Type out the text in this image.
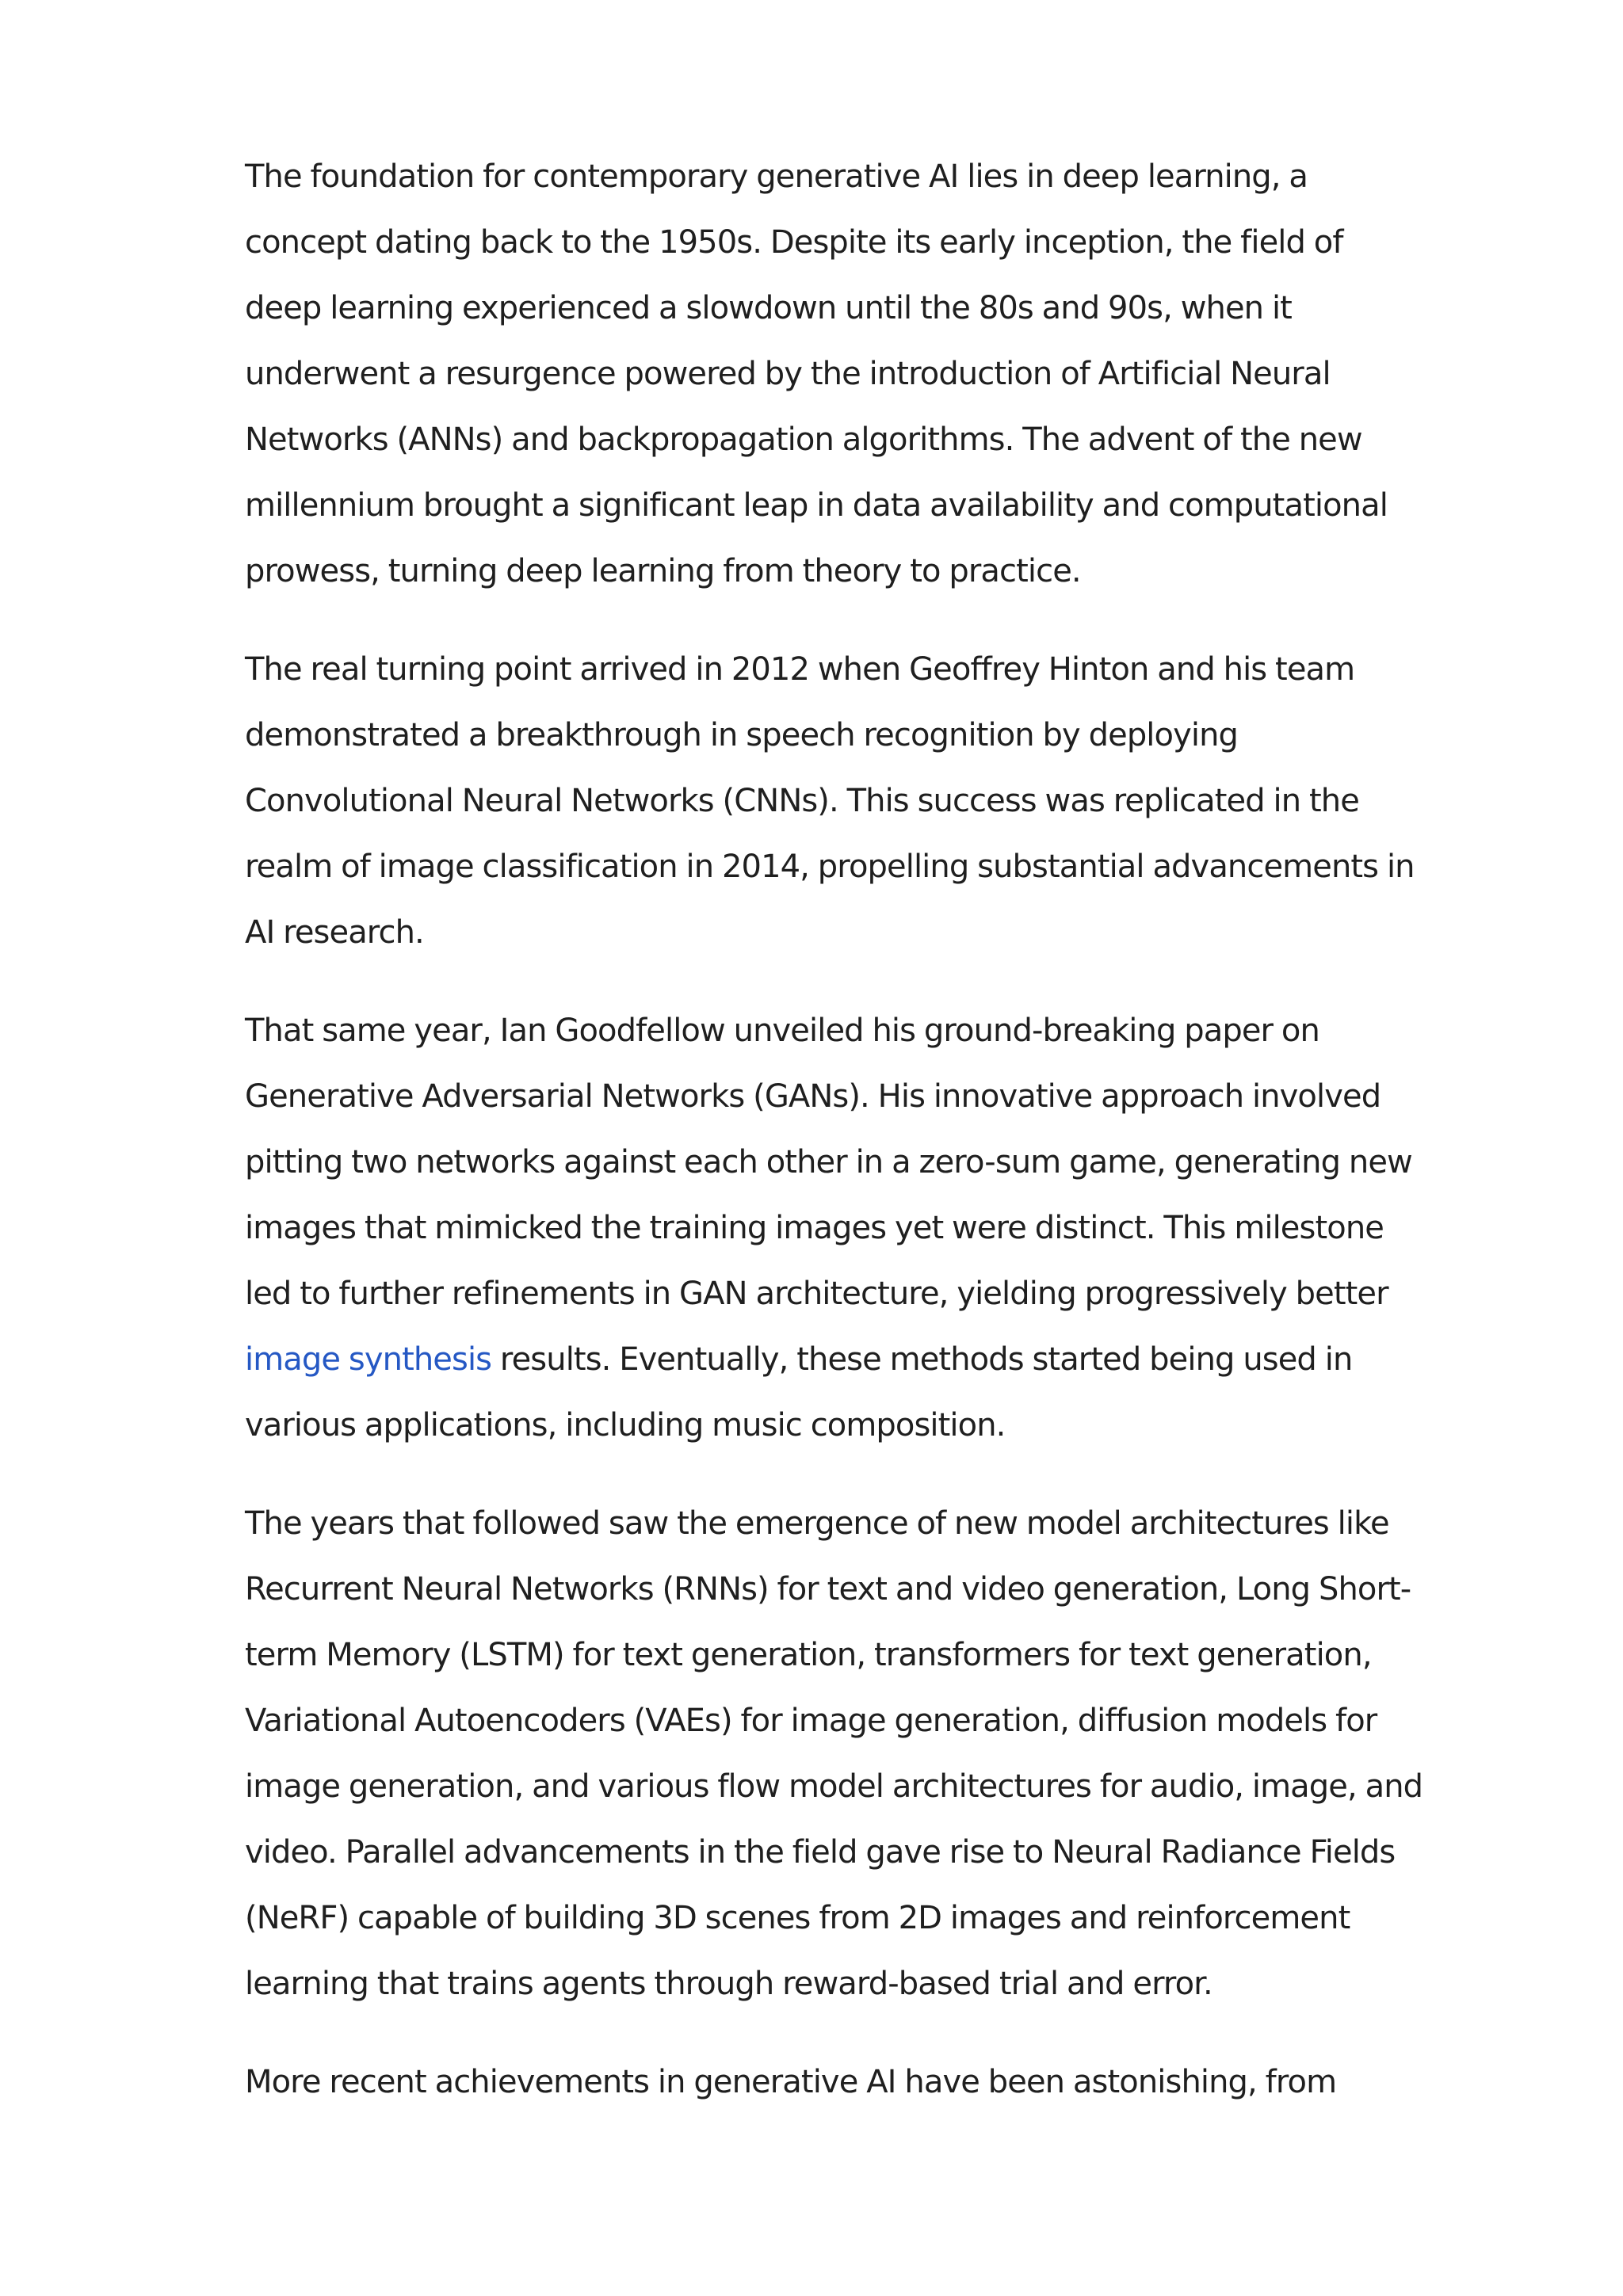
The foundation for contemporary generative AI lies in deep learning, a concept dating back to the 1950s. Despite its early inception, the field of deep learning experienced a slowdown until the 80s and 90s, when it underwent a resurgence powered by the introduction of Artificial Neural Networks (ANNs) and backpropagation algorithms. The advent of the new millennium brought a significant leap in data availability and computational prowess, turning deep learning from theory to practice.

The real turning point arrived in 2012 when Geoffrey Hinton and his team demonstrated a breakthrough in speech recognition by deploying Convolutional Neural Networks (CNNs). This success was replicated in the realm of image classification in 2014, propelling substantial advancements in AI research.

That same year, Ian Goodfellow unveiled his ground-breaking paper on Generative Adversarial Networks (GANs). His innovative approach involved pitting two networks against each other in a zero-sum game, generating new images that mimicked the training images yet were distinct. This milestone led to further refinements in GAN architecture, yielding progressively better image synthesis results. Eventually, these methods started being used in various applications, including music composition.

The years that followed saw the emergence of new model architectures like Recurrent Neural Networks (RNNs) for text and video generation, Long Short-term Memory (LSTM) for text generation, transformers for text generation, Variational Autoencoders (VAEs) for image generation, diffusion models for image generation, and various flow model architectures for audio, image, and video. Parallel advancements in the field gave rise to Neural Radiance Fields (NeRF) capable of building 3D scenes from 2D images and reinforcement learning that trains agents through reward-based trial and error.

More recent achievements in generative AI have been astonishing, from
